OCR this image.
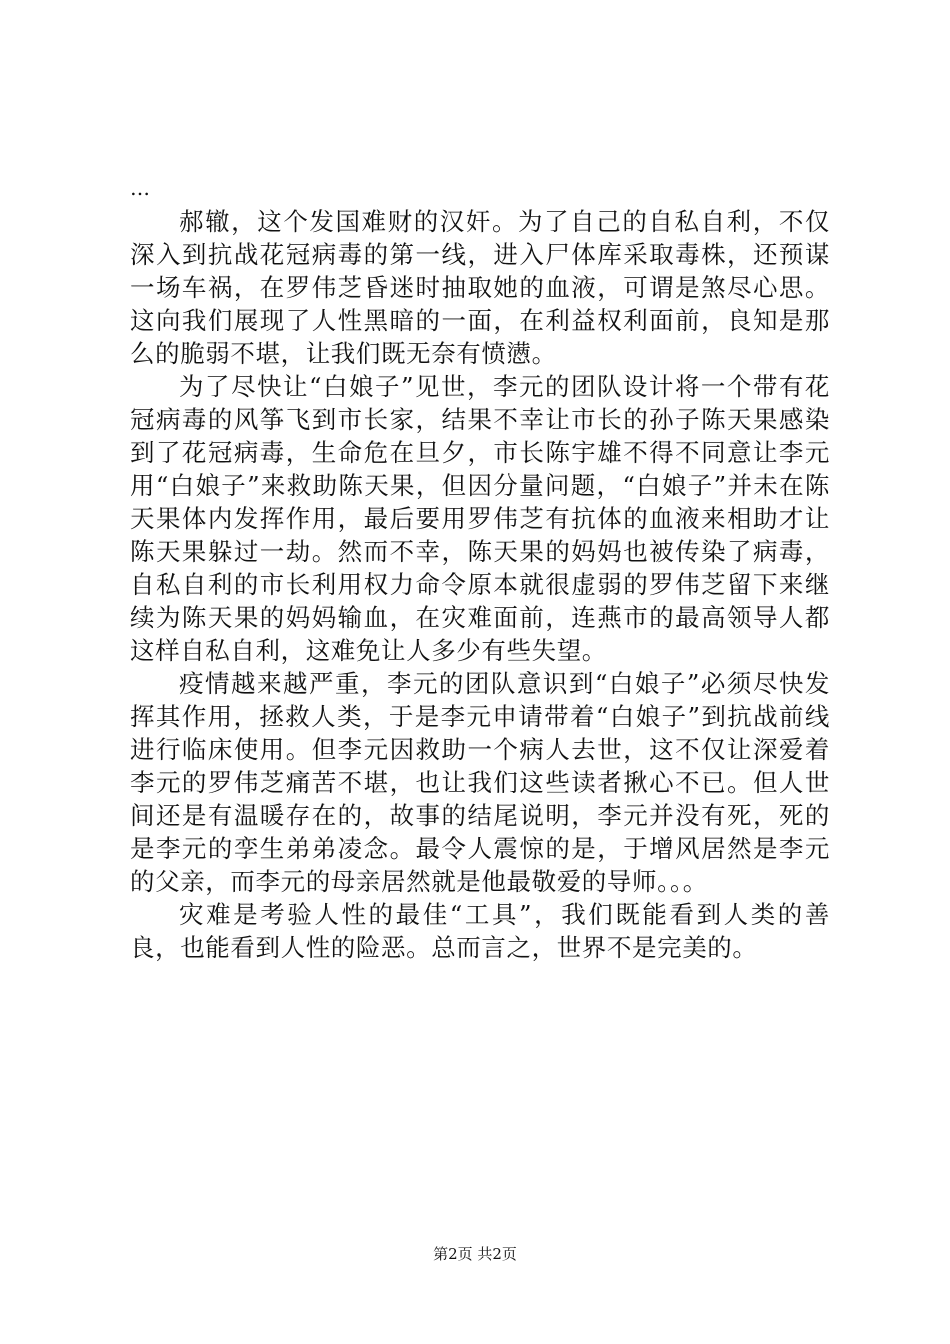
…

郝辙，这个发国难财的汉奸。为了自己的自私自利，不仅深入到抗战花冠病毒的第一线，进入尸体库采取毒株，还预谋一场车祸，在罗伟芝昏迷时抽取她的血液，可谓是煞尽心思。这向我们展现了人性黑暗的一面，在利益权利面前，良知是那么的脆弱不堪，让我们既无奈有愤懑。

为了尽快让“白娘子”见世，李元的团队设计将一个带有花冠病毒的风筝飞到市长家，结果不幸让市长的孙子陈天果感染到了花冠病毒，生命危在旦夕，市长陈宇雄不得不同意让李元用“白娘子”来救助陈天果，但因分量问题，“白娘子”并未在陈天果体内发挥作用，最后要用罗伟芝有抗体的血液来相助才让陈天果躲过一劫。然而不幸，陈天果的妈妈也被传染了病毒，自私自利的市长利用权力命令原本就很虚弱的罗伟芝留下来继续为陈天果的妈妈输血，在灾难面前，连燕市的最高领导人都这样自私自利，这难免让人多少有些失望。

疫情越来越严重，李元的团队意识到“白娘子”必须尽快发挥其作用，拯救人类，于是李元申请带着“白娘子”到抗战前线进行临床使用。但李元因救助一个病人去世，这不仅让深爱着李元的罗伟芝痛苦不堪，也让我们这些读者揪心不已。但人世间还是有温暖存在的，故事的结尾说明，李元并没有死，死的是李元的孪生弟弟凌念。最令人震惊的是，于增风居然是李元的父亲，而李元的母亲居然就是他最敬爱的导师。。。

灾难是考验人性的最佳“工具”，我们既能看到人类的善良，也能看到人性的险恶。总而言之，世界不是完美的。

第2页 共2页
